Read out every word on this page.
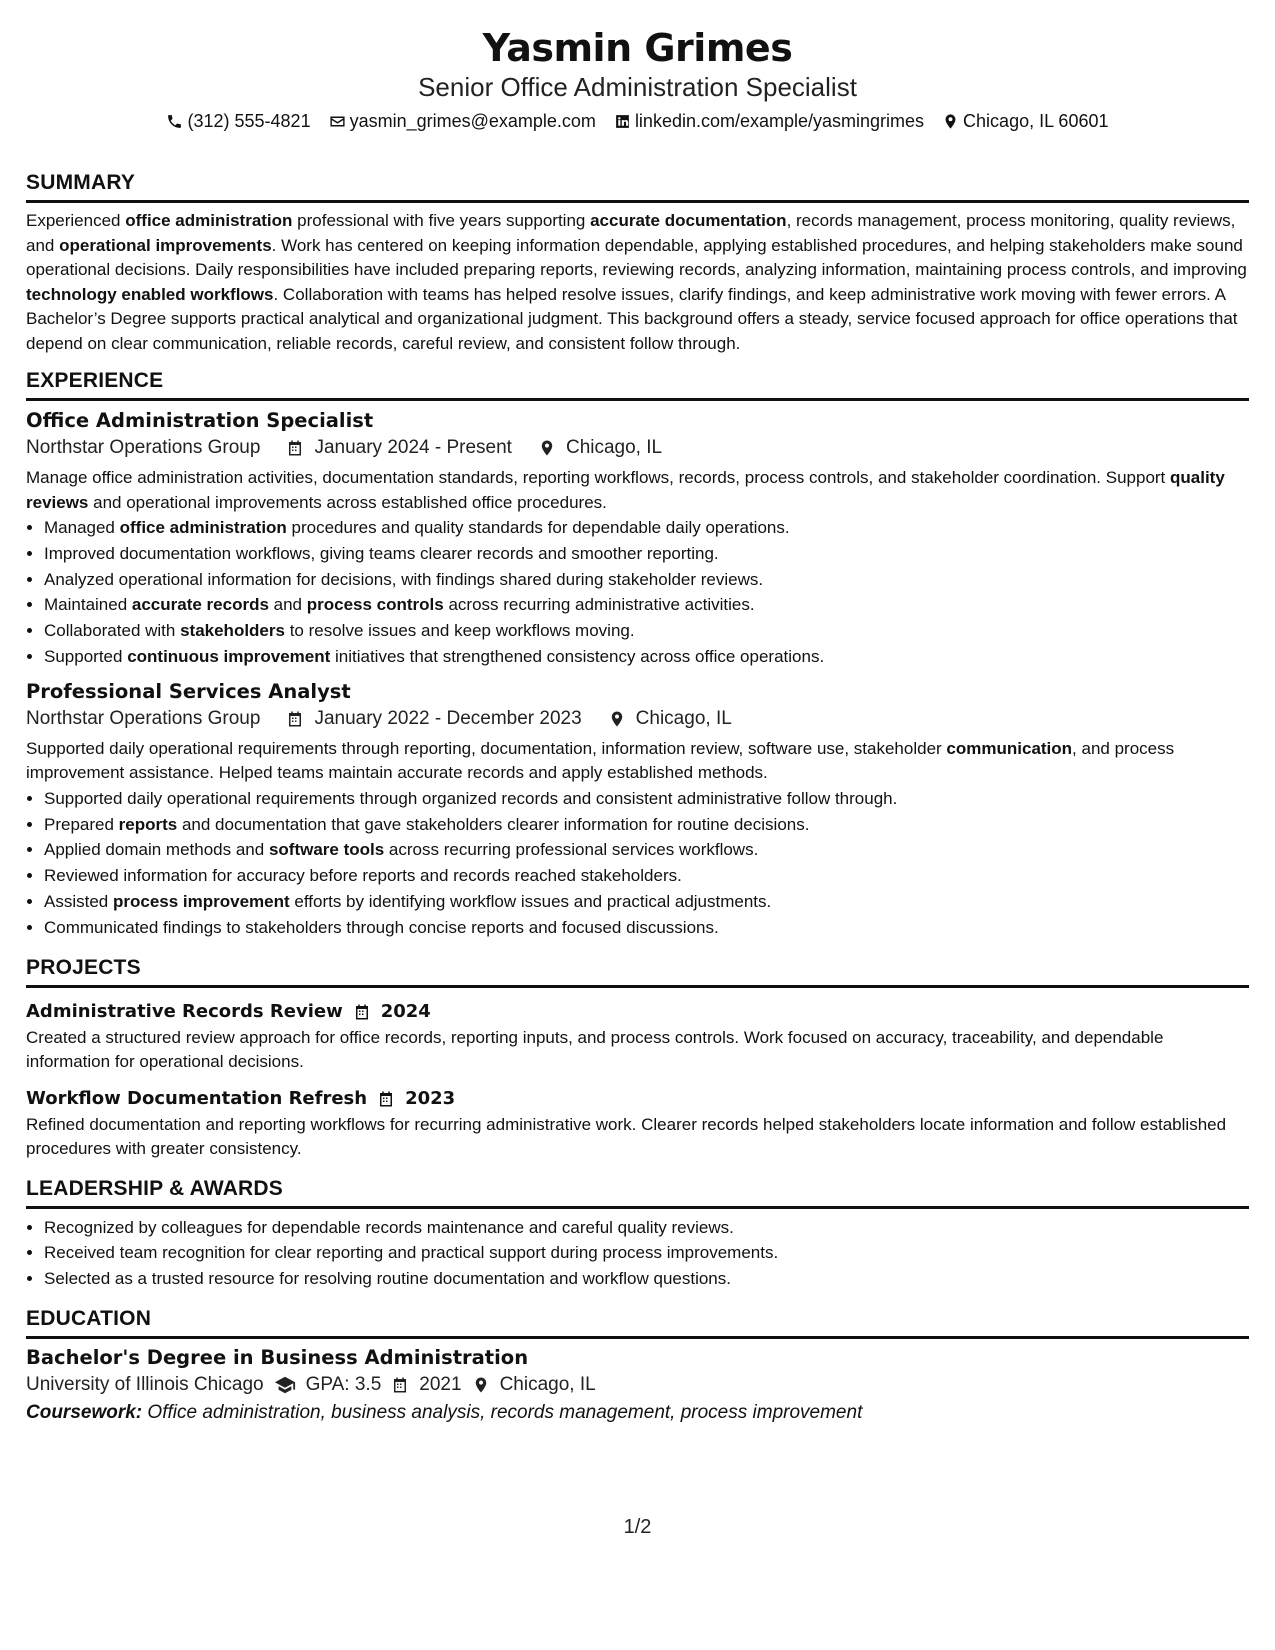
Yasmin Grimes
Senior Office Administration Specialist
(312) 555-4821 yasmin_grimes@example.com linkedin.com/example/yasmingrimes Chicago, IL 60601
SUMMARY
Experienced office administration professional with five years supporting accurate documentation, records management, process monitoring, quality reviews, and operational improvements. Work has centered on keeping information dependable, applying established procedures, and helping stakeholders make sound operational decisions. Daily responsibilities have included preparing reports, reviewing records, analyzing information, maintaining process controls, and improving technology enabled workflows. Collaboration with teams has helped resolve issues, clarify findings, and keep administrative work moving with fewer errors. A Bachelor’s Degree supports practical analytical and organizational judgment. This background offers a steady, service focused approach for office operations that depend on clear communication, reliable records, careful review, and consistent follow through.
EXPERIENCE
Office Administration Specialist
Northstar Operations Group	January 2024 - Present	Chicago, IL
Manage office administration activities, documentation standards, reporting workflows, records, process controls, and stakeholder coordination. Support quality reviews and operational improvements across established office procedures.
• Managed office administration procedures and quality standards for dependable daily operations.
• Improved documentation workflows, giving teams clearer records and smoother reporting.
• Analyzed operational information for decisions, with findings shared during stakeholder reviews.
• Maintained accurate records and process controls across recurring administrative activities.
• Collaborated with stakeholders to resolve issues and keep workflows moving.
• Supported continuous improvement initiatives that strengthened consistency across office operations.
Professional Services Analyst
Northstar Operations Group	January 2022 - December 2023	Chicago, IL
Supported daily operational requirements through reporting, documentation, information review, software use, stakeholder communication, and process improvement assistance. Helped teams maintain accurate records and apply established methods.
• Supported daily operational requirements through organized records and consistent administrative follow through.
• Prepared reports and documentation that gave stakeholders clearer information for routine decisions.
• Applied domain methods and software tools across recurring professional services workflows.
• Reviewed information for accuracy before reports and records reached stakeholders.
• Assisted process improvement efforts by identifying workflow issues and practical adjustments.
• Communicated findings to stakeholders through concise reports and focused discussions.
PROJECTS
Administrative Records Review 2024
Created a structured review approach for office records, reporting inputs, and process controls. Work focused on accuracy, traceability, and dependable information for operational decisions.
Workflow Documentation Refresh 2023
Refined documentation and reporting workflows for recurring administrative work. Clearer records helped stakeholders locate information and follow established procedures with greater consistency.
LEADERSHIP & AWARDS
• Recognized by colleagues for dependable records maintenance and careful quality reviews.
• Received team recognition for clear reporting and practical support during process improvements.
• Selected as a trusted resource for resolving routine documentation and workflow questions.
EDUCATION
Bachelor's Degree in Business Administration
University of Illinois Chicago GPA: 3.5 2021 Chicago, IL
Coursework: Office administration, business analysis, records management, process improvement
1/2
